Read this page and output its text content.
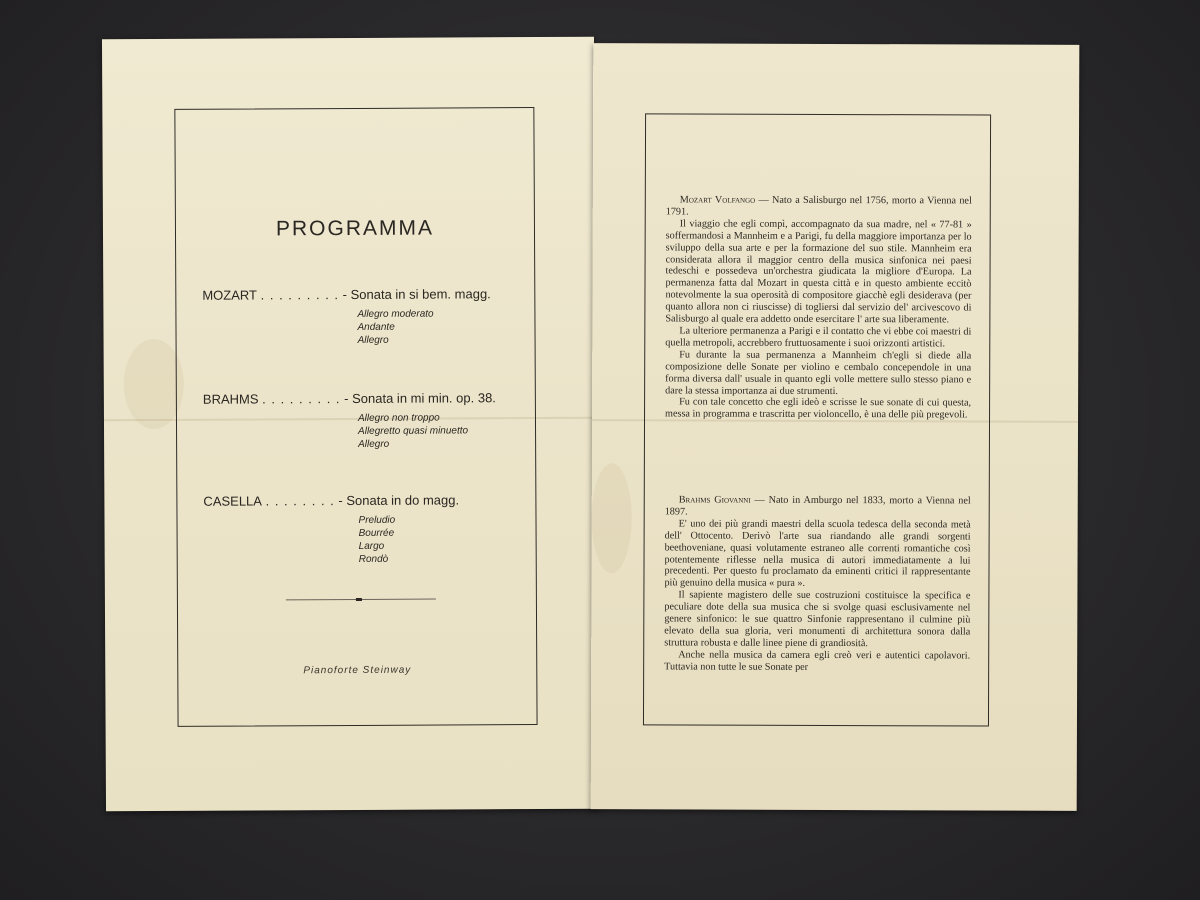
PROGRAMMA
MOZART . . . . . . . . . - Sonata in si bem. magg.
Allegro moderato
Andante
Allegro
BRAHMS . . . . . . . . . - Sonata in mi min. op. 38.
Allegro non troppo
Allegretto quasi minuetto
Allegro
CASELLA . . . . . . . . - Sonata in do magg.
Preludio
Bourrée
Largo
Rondò
Pianoforte Steinway

Mozart Volfango — Nato a Salisburgo nel 1756, morto a Vienna nel 1791.

Il viaggio che egli compì, accompagnato da sua madre, nel « 77-81 » soffermandosi a Mannheim e a Parigi, fu della maggiore importanza per lo sviluppo della sua arte e per la formazione del suo stile. Mannheim era considerata allora il maggior centro della musica sinfonica nei paesi tedeschi e possedeva un'orchestra giudicata la migliore d'Europa. La permanenza fatta dal Mozart in questa città e in questo ambiente eccitò notevolmente la sua operosità di compositore giacchè egli desiderava (per quanto allora non ci riuscisse) di togliersi dal servizio del' arcivescovo di Salisburgo al quale era addetto onde esercitare l' arte sua liberamente.

La ulteriore permanenza a Parigi e il contatto che vi ebbe coi maestri di quella metropoli, accrebbero fruttuosamente i suoi orizzonti artistici.

Fu durante la sua permanenza a Mannheim ch'egli si diede alla composizione delle Sonate per violino e cembalo concependole in una forma diversa dall' usuale in quanto egli volle mettere sullo stesso piano e dare la stessa importanza ai due strumenti.

Fu con tale concetto che egli ideò e scrisse le sue sonate di cui questa, messa in programma e trascritta per violoncello, è una delle più pregevoli.

Brahms Giovanni — Nato in Amburgo nel 1833, morto a Vienna nel 1897.

E' uno dei più grandi maestri della scuola tedesca della seconda metà dell' Ottocento. Derivò l'arte sua riandando alle grandi sorgenti beethoveniane, quasi volutamente estraneo alle correnti romantiche così potentemente riflesse nella musica di autori immediatamente a lui precedenti. Per questo fu proclamato da eminenti critici il rappresentante più genuino della musica « pura ».

Il sapiente magistero delle sue costruzioni costituisce la specifica e peculiare dote della sua musica che si svolge quasi esclusivamente nel genere sinfonico: le sue quattro Sinfonie rappresentano il culmine più elevato della sua gloria, veri monumenti di architettura sonora dalla struttura robusta e dalle linee piene di grandiosità.

Anche nella musica da camera egli creò veri e autentici capolavori. Tuttavia non tutte le sue Sonate per
